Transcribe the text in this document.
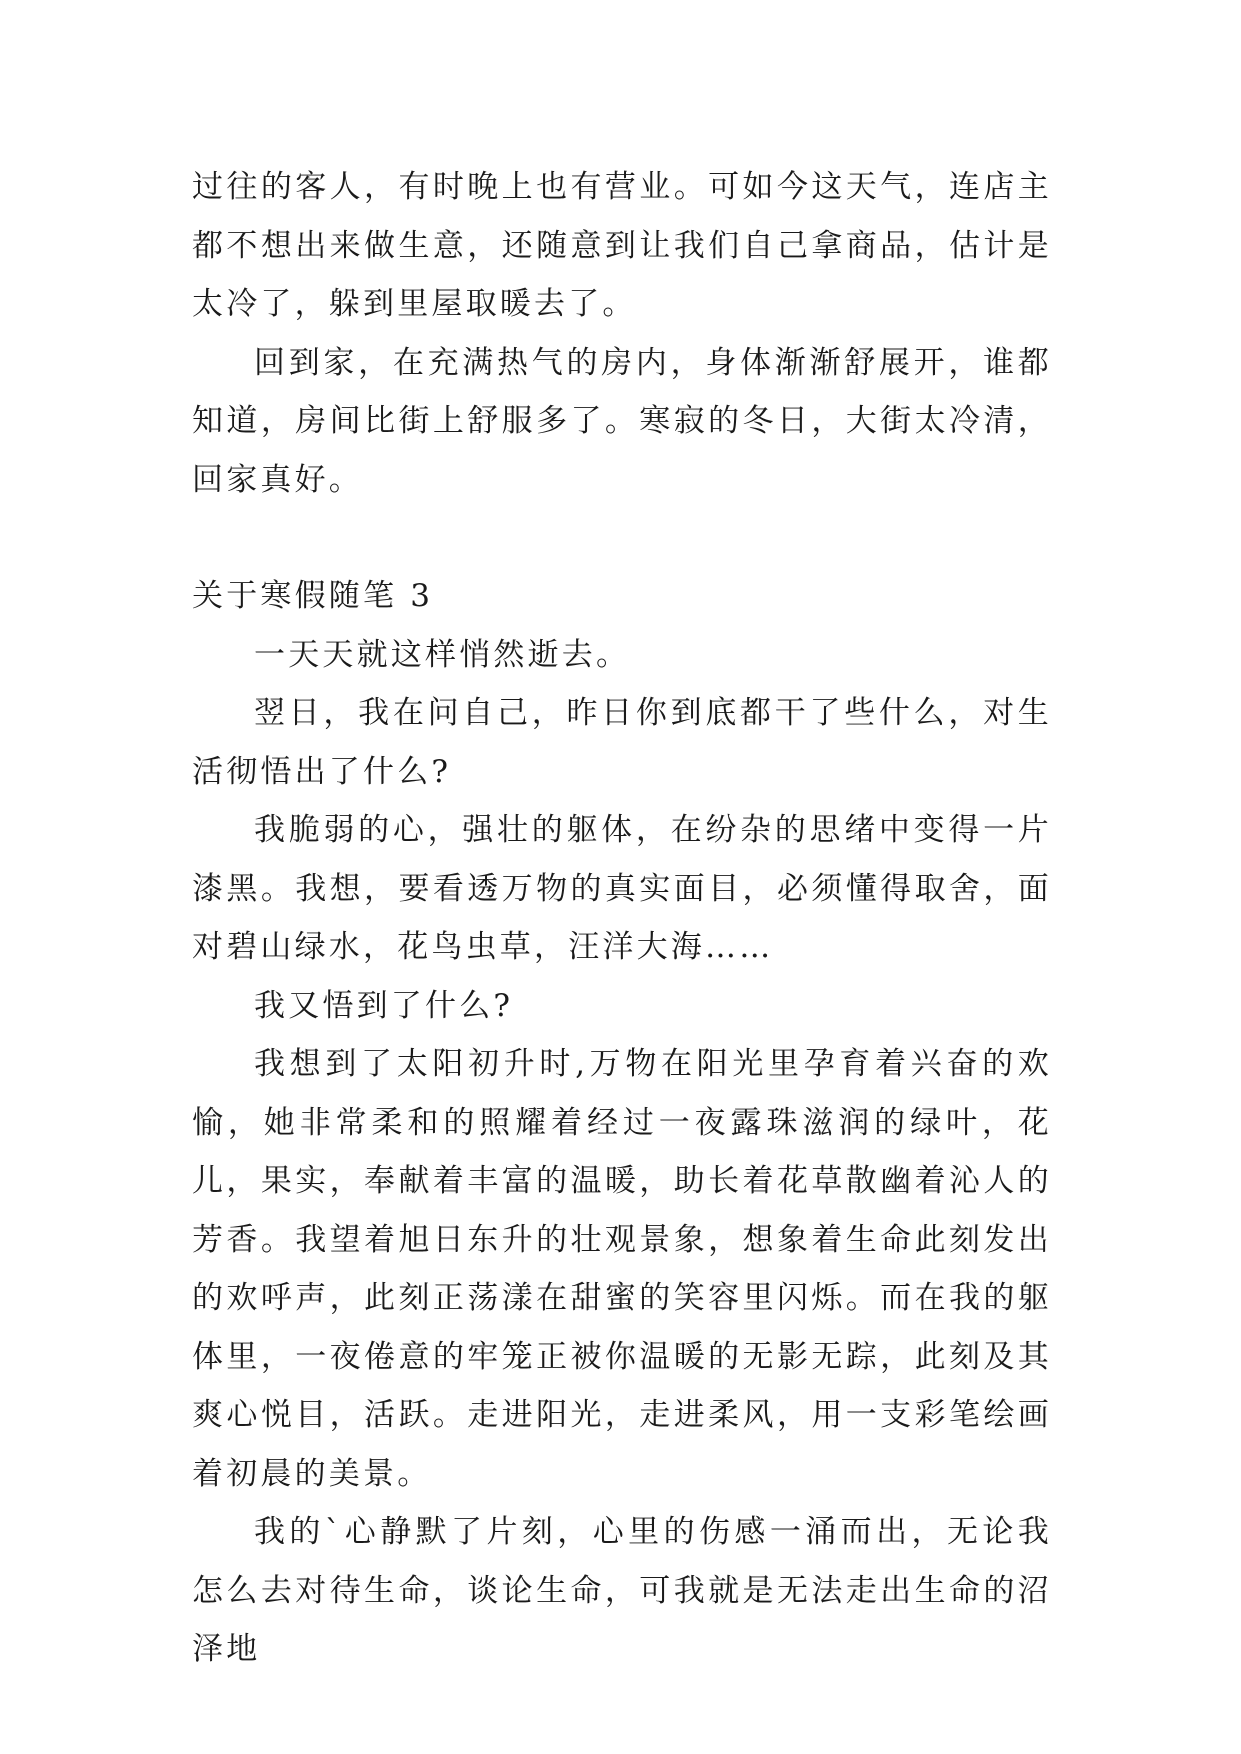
过往的客人，有时晚上也有营业。可如今这天气，连店主都不想出来做生意，还随意到让我们自己拿商品，估计是太冷了，躲到里屋取暖去了。

回到家，在充满热气的房内，身体渐渐舒展开，谁都知道，房间比街上舒服多了。寒寂的冬日，大街太冷清，回家真好。

关于寒假随笔 3

一天天就这样悄然逝去。

翌日，我在问自己，昨日你到底都干了些什么，对生活彻悟出了什么?

我脆弱的心，强壮的躯体，在纷杂的思绪中变得一片漆黑。我想，要看透万物的真实面目，必须懂得取舍，面对碧山绿水，花鸟虫草，汪洋大海……

我又悟到了什么?

我想到了太阳初升时,万物在阳光里孕育着兴奋的欢愉，她非常柔和的照耀着经过一夜露珠滋润的绿叶，花儿，果实，奉献着丰富的温暖，助长着花草散幽着沁人的芳香。我望着旭日东升的壮观景象，想象着生命此刻发出的欢呼声，此刻正荡漾在甜蜜的笑容里闪烁。而在我的躯体里，一夜倦意的牢笼正被你温暖的无影无踪，此刻及其爽心悦目，活跃。走进阳光，走进柔风，用一支彩笔绘画着初晨的美景。

我的`心静默了片刻，心里的伤感一涌而出，无论我怎么去对待生命，谈论生命，可我就是无法走出生命的沼泽地
